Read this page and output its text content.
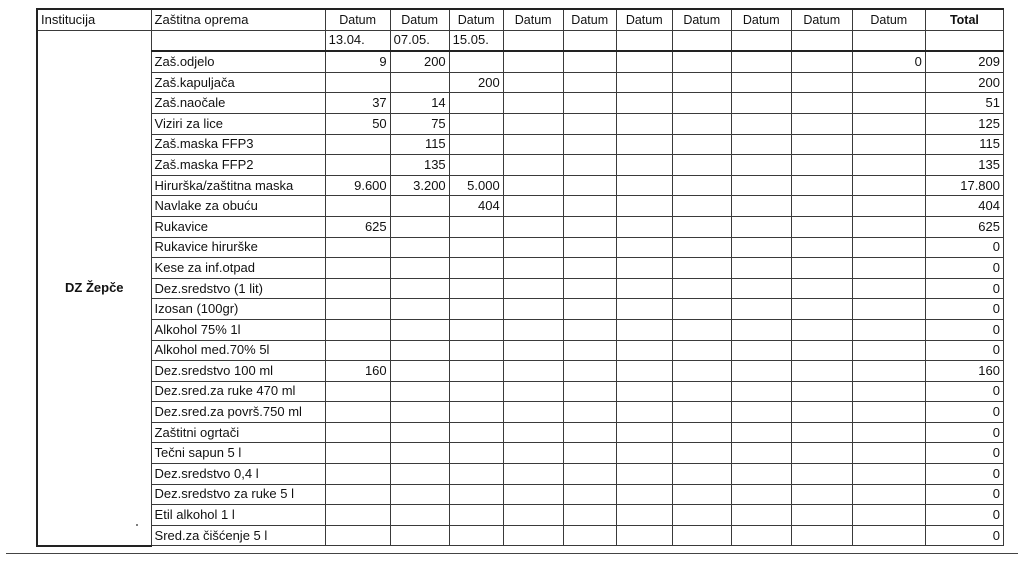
Institucija	Zaštitna oprema	Datum	Datum	Datum	Datum	Datum	Datum	Datum	Datum	Datum	Datum	Total
DZ Žepče		13.04.	07.05.	15.05.								
	Zaš.odjelo	9	200								0	209
	Zaš.kapuljača			200								200
	Zaš.naočale	37	14									51
	Viziri za lice	50	75									125
	Zaš.maska FFP3		115									115
	Zaš.maska FFP2		135									135
	Hirurška/zaštitna maska	9.600	3.200	5.000								17.800
	Navlake za obuću			404								404
	Rukavice	625										625
	Rukavice hirurške											0
	Kese za inf.otpad											0
	Dez.sredstvo (1 lit)											0
	Izosan (100gr)											0
	Alkohol 75% 1l											0
	Alkohol med.70% 5l											0
	Dez.sredstvo 100 ml	160										160
	Dez.sred.za ruke 470 ml											0
	Dez.sred.za površ.750 ml											0
	Zaštitni ogrtači											0
	Tečni sapun 5 l											0
	Dez.sredstvo 0,4 l											0
	Dez.sredstvo za ruke 5 l											0
	Etil alkohol 1 l											0
	Sred.za čišćenje 5 l											0
